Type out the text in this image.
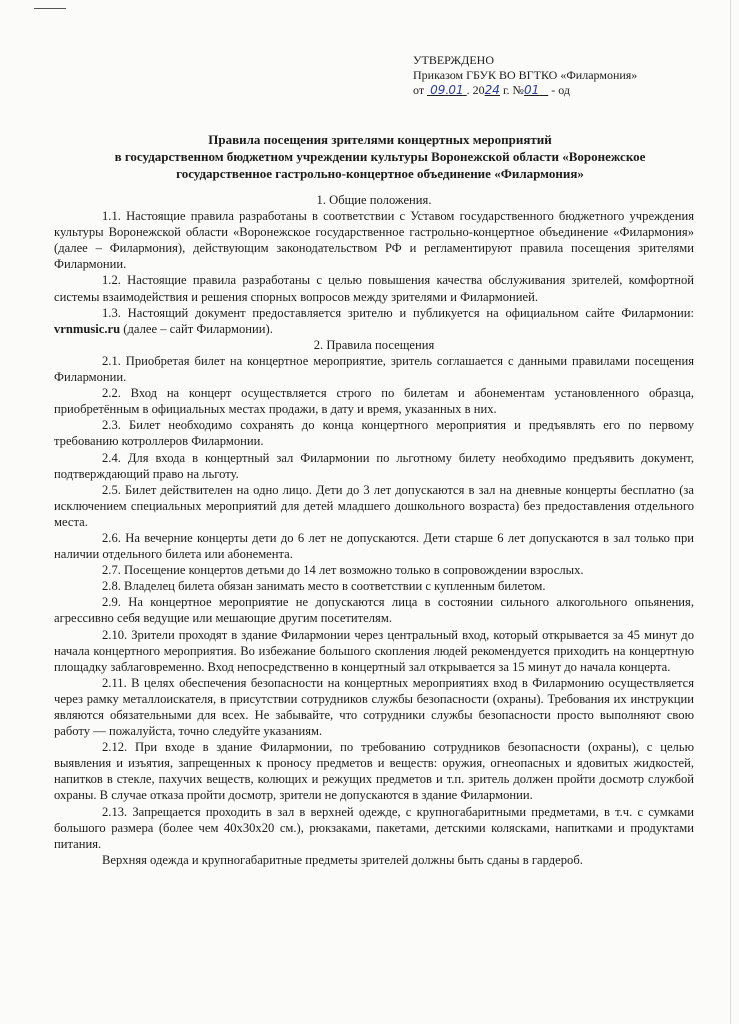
УТВЕРЖДЕНО
Приказом ГБУК ВО ВГТКО «Филармония»
от 09.01 . 2024 г. №01 - од
Правила посещения зрителями концертных мероприятий
в государственном бюджетном учреждении культуры Воронежской области «Воронежское
государственное гастрольно-концертное объединение «Филармония»

1. Общие положения.

1.1. Настоящие правила разработаны в соответствии с Уставом государственного бюджетного учреждения культуры Воронежской области «Воронежское государственное гастрольно-концертное объединение «Филармония» (далее – Филармония), действующим законодательством РФ и регламентируют правила посещения зрителями Филармонии.

1.2. Настоящие правила разработаны с целью повышения качества обслуживания зрителей, комфортной системы взаимодействия и решения спорных вопросов между зрителями и Филармонией.

1.3. Настоящий документ предоставляется зрителю и публикуется на официальном сайте Филармонии: vrnmusic.ru (далее – сайт Филармонии).

2. Правила посещения

2.1. Приобретая билет на концертное мероприятие, зритель соглашается с данными правилами посещения Филармонии.

2.2. Вход на концерт осуществляется строго по билетам и абонементам установленного образца, приобретённым в официальных местах продажи, в дату и время, указанных в них.

2.3. Билет необходимо сохранять до конца концертного мероприятия и предъявлять его по первому требованию котроллеров Филармонии.

2.4. Для входа в концертный зал Филармонии по льготному билету необходимо предъявить документ, подтверждающий право на льготу.

2.5. Билет действителен на одно лицо. Дети до 3 лет допускаются в зал на дневные концерты бесплатно (за исключением специальных мероприятий для детей младшего дошкольного возраста) без предоставления отдельного места.

2.6. На вечерние концерты дети до 6 лет не допускаются. Дети старше 6 лет допускаются в зал только при наличии отдельного билета или абонемента.

2.7. Посещение концертов детьми до 14 лет возможно только в сопровождении взрослых.

2.8. Владелец билета обязан занимать место в соответствии с купленным билетом.

2.9. На концертное мероприятие не допускаются лица в состоянии сильного алкогольного опьянения, агрессивно себя ведущие или мешающие другим посетителям.

2.10. Зрители проходят в здание Филармонии через центральный вход, который открывается за 45 минут до начала концертного мероприятия. Во избежание большого скопления людей рекомендуется приходить на концертную площадку заблаговременно. Вход непосредственно в концертный зал открывается за 15 минут до начала концерта.

2.11. В целях обеспечения безопасности на концертных мероприятиях вход в Филармонию осуществляется через рамку металлоискателя, в присутствии сотрудников службы безопасности (охраны). Требования их инструкции являются обязательными для всех. Не забывайте, что сотрудники службы безопасности просто выполняют свою работу — пожалуйста, точно следуйте указаниям.

2.12. При входе в здание Филармонии, по требованию сотрудников безопасности (охраны), с целью выявления и изъятия, запрещенных к проносу предметов и веществ: оружия, огнеопасных и ядовитых жидкостей, напитков в стекле, пахучих веществ, колющих и режущих предметов и т.п. зритель должен пройти досмотр службой охраны. В случае отказа пройти досмотр, зрители не допускаются в здание Филармонии.

2.13. Запрещается проходить в зал в верхней одежде, с крупногабаритными предметами, в т.ч. с сумками большого размера (более чем 40х30х20 см.), рюкзаками, пакетами, детскими колясками, напитками и продуктами питания.

Верхняя одежда и крупногабаритные предметы зрителей должны быть сданы в гардероб.
